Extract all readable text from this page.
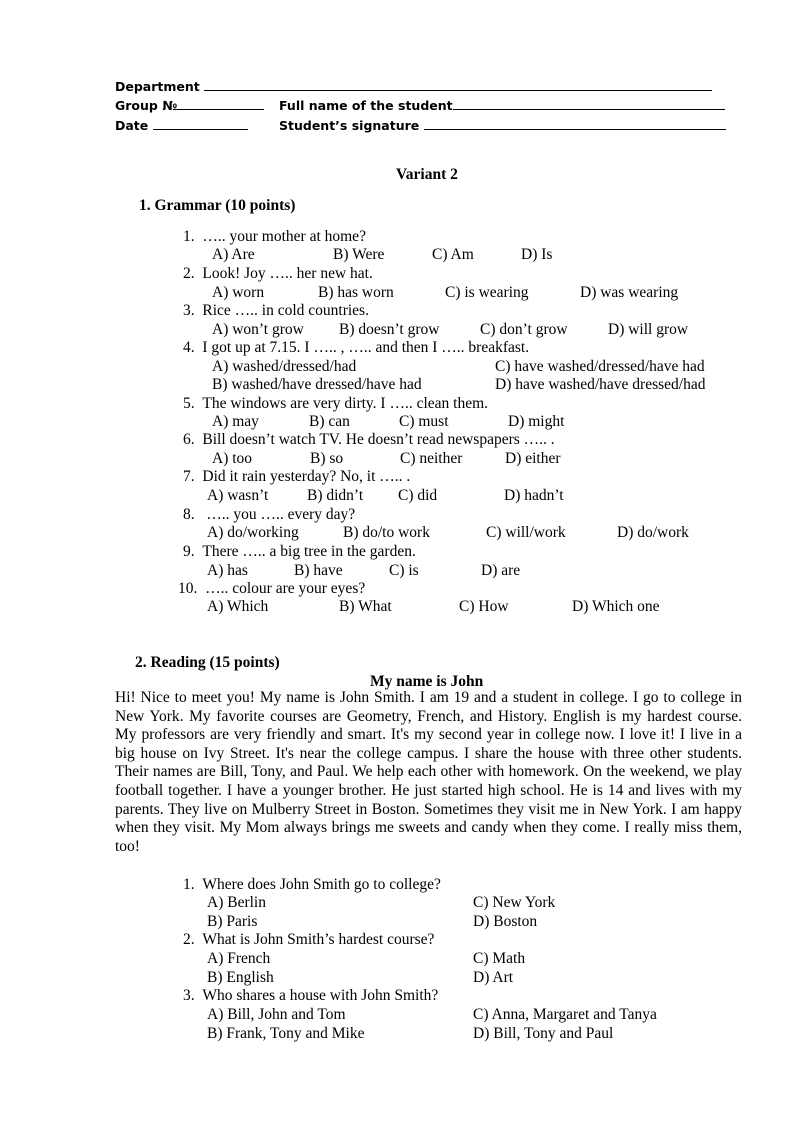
Department
Group №	Full name of the student
Date	Student’s signature
Variant 2
1. Grammar (10 points)
1. ….. your mother at home?
A) Are	B) Were	C) Am	D) Is
2. Look! Joy ….. her new hat.
A) worn	B) has worn	C) is wearing	D) was wearing
3. Rice ….. in cold countries.
A) won’t grow B) doesn’t grow	C) don’t grow	D) will grow
4. I got up at 7.15. I ….. , ….. and then I ….. breakfast.
A) washed/dressed/had	C) have washed/dressed/have had
B) washed/have dressed/have had	D) have washed/have dressed/had
5. The windows are very dirty. I ….. clean them.
A) may	B) can	C) must	D) might
6. Bill doesn’t watch TV. He doesn’t read newspapers ….. .
A) too	B) so	C) neither	D) either
7. Did it rain yesterday? No, it ….. .
A) wasn’t B) didn’t C) did	D) hadn’t
8. ….. you ….. every day?
A) do/working	B) do/to work	C) will/work	D) do/work
9. There ….. a big tree in the garden.
A) has	B) have	C) is	D) are
10. ….. colour are your eyes?
A) Which	B) What	C) How	D) Which one
2. Reading (15 points)
My name is John
Hi! Nice to meet you! My name is John Smith. I am 19 and a student in college. I go to college in New York. My favorite courses are Geometry, French, and History. English is my hardest course. My professors are very friendly and smart. It's my second year in college now. I love it! I live in a big house on Ivy Street. It's near the college campus. I share the house with three other students. Their names are Bill, Tony, and Paul. We help each other with homework. On the weekend, we play football together. I have a younger brother. He just started high school. He is 14 and lives with my parents. They live on Mulberry Street in Boston. Sometimes they visit me in New York. I am happy when they visit. My Mom always brings me sweets and candy when they come. I really miss them, too!
1. Where does John Smith go to college?
A) Berlin	C) New York
B) Paris	D) Boston
2. What is John Smith’s hardest course?
A) French	C) Math
B) English	D) Art
3. Who shares a house with John Smith?
A) Bill, John and Tom	C) Anna, Margaret and Tanya
B) Frank, Tony and Mike	D) Bill, Tony and Paul
